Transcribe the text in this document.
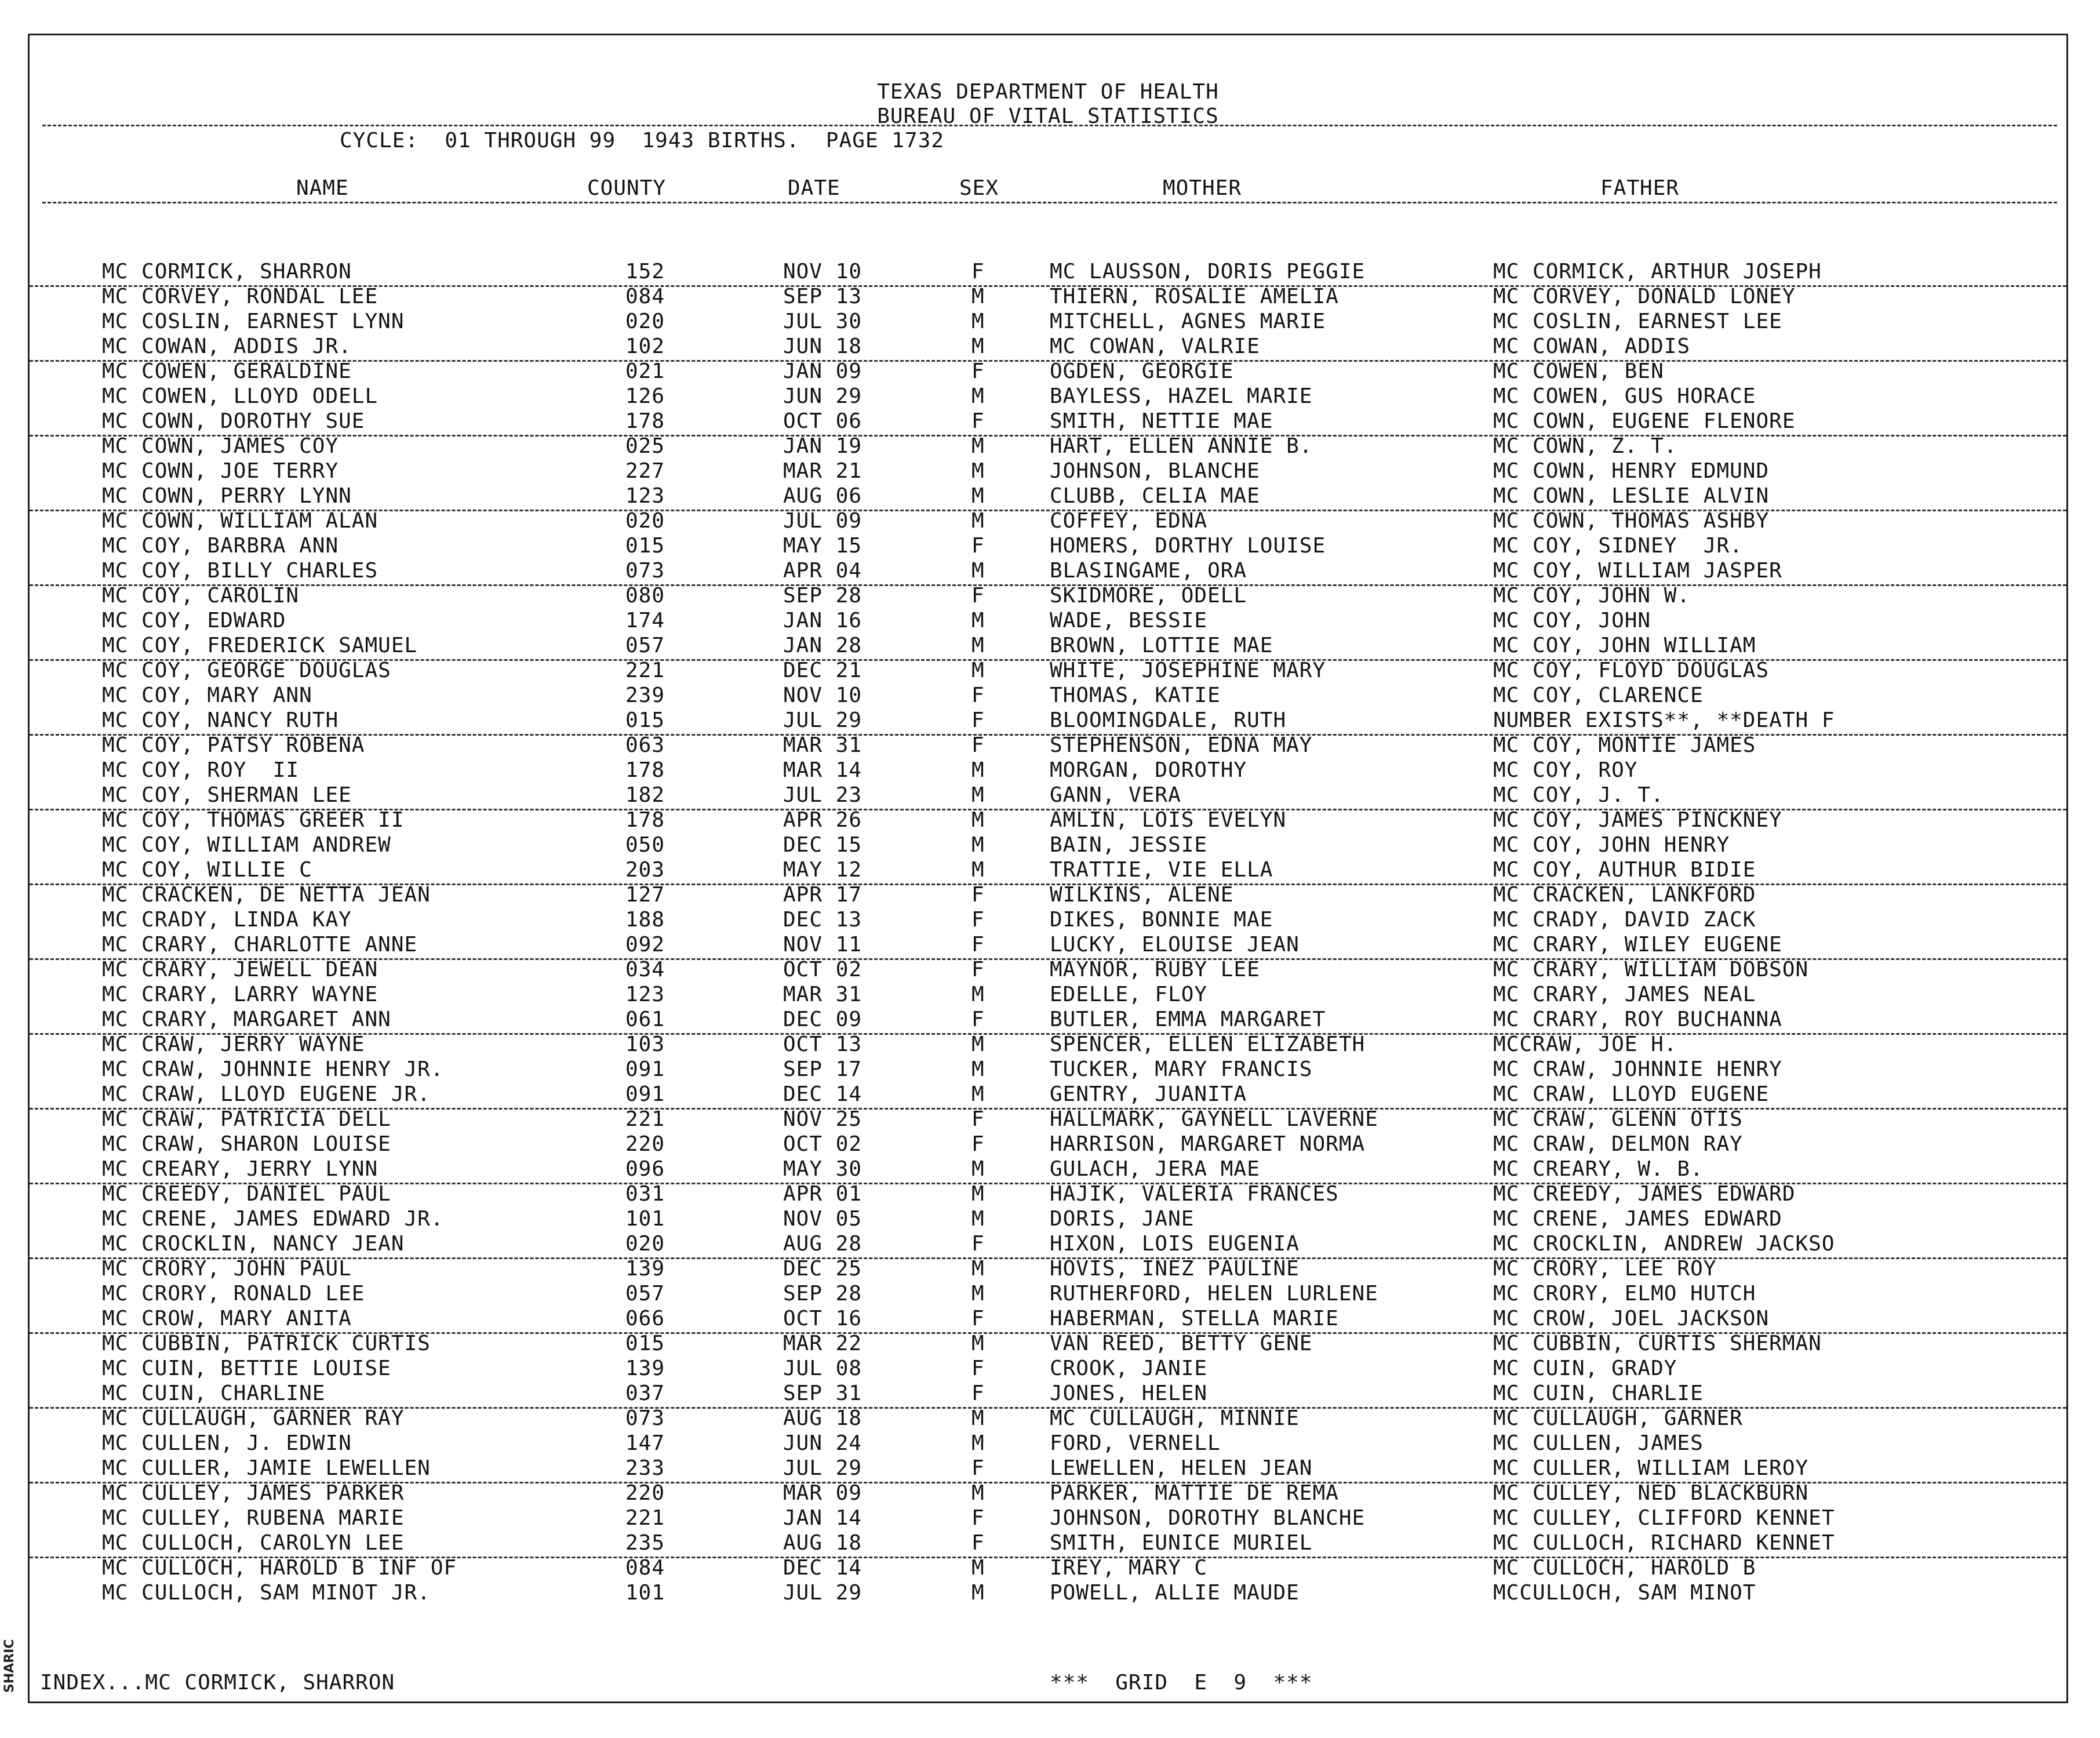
TEXAS DEPARTMENT OF HEALTH
BUREAU OF VITAL STATISTICS
CYCLE:  01 THROUGH 99  1943 BIRTHS.  PAGE 1732
NAME	COUNTY	DATE	SEX	MOTHER	FATHER
MC CORMICK, SHARRON	152	NOV 10	F	MC LAUSSON, DORIS PEGGIE	MC CORMICK, ARTHUR JOSEPH
MC CORVEY, RONDAL LEE	084	SEP 13	M	THIERN, ROSALIE AMELIA	MC CORVEY, DONALD LONEY
MC COSLIN, EARNEST LYNN	020	JUL 30	M	MITCHELL, AGNES MARIE	MC COSLIN, EARNEST LEE
MC COWAN, ADDIS JR.	102	JUN 18	M	MC COWAN, VALRIE	MC COWAN, ADDIS
MC COWEN, GERALDINE	021	JAN 09	F	OGDEN, GEORGIE	MC COWEN, BEN
MC COWEN, LLOYD ODELL	126	JUN 29	M	BAYLESS, HAZEL MARIE	MC COWEN, GUS HORACE
MC COWN, DOROTHY SUE	178	OCT 06	F	SMITH, NETTIE MAE	MC COWN, EUGENE FLENORE
MC COWN, JAMES COY	025	JAN 19	M	HART, ELLEN ANNIE B.	MC COWN, Z. T.
MC COWN, JOE TERRY	227	MAR 21	M	JOHNSON, BLANCHE	MC COWN, HENRY EDMUND
MC COWN, PERRY LYNN	123	AUG 06	M	CLUBB, CELIA MAE	MC COWN, LESLIE ALVIN
MC COWN, WILLIAM ALAN	020	JUL 09	M	COFFEY, EDNA	MC COWN, THOMAS ASHBY
MC COY, BARBRA ANN	015	MAY 15	F	HOMERS, DORTHY LOUISE	MC COY, SIDNEY  JR.
MC COY, BILLY CHARLES	073	APR 04	M	BLASINGAME, ORA	MC COY, WILLIAM JASPER
MC COY, CAROLIN	080	SEP 28	F	SKIDMORE, ODELL	MC COY, JOHN W.
MC COY, EDWARD	174	JAN 16	M	WADE, BESSIE	MC COY, JOHN
MC COY, FREDERICK SAMUEL	057	JAN 28	M	BROWN, LOTTIE MAE	MC COY, JOHN WILLIAM
MC COY, GEORGE DOUGLAS	221	DEC 21	M	WHITE, JOSEPHINE MARY	MC COY, FLOYD DOUGLAS
MC COY, MARY ANN	239	NOV 10	F	THOMAS, KATIE	MC COY, CLARENCE
MC COY, NANCY RUTH	015	JUL 29	F	BLOOMINGDALE, RUTH	NUMBER EXISTS**, **DEATH F
MC COY, PATSY ROBENA	063	MAR 31	F	STEPHENSON, EDNA MAY	MC COY, MONTIE JAMES
MC COY, ROY  II	178	MAR 14	M	MORGAN, DOROTHY	MC COY, ROY
MC COY, SHERMAN LEE	182	JUL 23	M	GANN, VERA	MC COY, J. T.
MC COY, THOMAS GREER II	178	APR 26	M	AMLIN, LOIS EVELYN	MC COY, JAMES PINCKNEY
MC COY, WILLIAM ANDREW	050	DEC 15	M	BAIN, JESSIE	MC COY, JOHN HENRY
MC COY, WILLIE C	203	MAY 12	M	TRATTIE, VIE ELLA	MC COY, AUTHUR BIDIE
MC CRACKEN, DE NETTA JEAN	127	APR 17	F	WILKINS, ALENE	MC CRACKEN, LANKFORD
MC CRADY, LINDA KAY	188	DEC 13	F	DIKES, BONNIE MAE	MC CRADY, DAVID ZACK
MC CRARY, CHARLOTTE ANNE	092	NOV 11	F	LUCKY, ELOUISE JEAN	MC CRARY, WILEY EUGENE
MC CRARY, JEWELL DEAN	034	OCT 02	F	MAYNOR, RUBY LEE	MC CRARY, WILLIAM DOBSON
MC CRARY, LARRY WAYNE	123	MAR 31	M	EDELLE, FLOY	MC CRARY, JAMES NEAL
MC CRARY, MARGARET ANN	061	DEC 09	F	BUTLER, EMMA MARGARET	MC CRARY, ROY BUCHANNA
MC CRAW, JERRY WAYNE	103	OCT 13	M	SPENCER, ELLEN ELIZABETH	MCCRAW, JOE H.
MC CRAW, JOHNNIE HENRY JR.	091	SEP 17	M	TUCKER, MARY FRANCIS	MC CRAW, JOHNNIE HENRY
MC CRAW, LLOYD EUGENE JR.	091	DEC 14	M	GENTRY, JUANITA	MC CRAW, LLOYD EUGENE
MC CRAW, PATRICIA DELL	221	NOV 25	F	HALLMARK, GAYNELL LAVERNE	MC CRAW, GLENN OTIS
MC CRAW, SHARON LOUISE	220	OCT 02	F	HARRISON, MARGARET NORMA	MC CRAW, DELMON RAY
MC CREARY, JERRY LYNN	096	MAY 30	M	GULACH, JERA MAE	MC CREARY, W. B.
MC CREEDY, DANIEL PAUL	031	APR 01	M	HAJIK, VALERIA FRANCES	MC CREEDY, JAMES EDWARD
MC CRENE, JAMES EDWARD JR.	101	NOV 05	M	DORIS, JANE	MC CRENE, JAMES EDWARD
MC CROCKLIN, NANCY JEAN	020	AUG 28	F	HIXON, LOIS EUGENIA	MC CROCKLIN, ANDREW JACKSO
MC CRORY, JOHN PAUL	139	DEC 25	M	HOVIS, INEZ PAULINE	MC CRORY, LEE ROY
MC CRORY, RONALD LEE	057	SEP 28	M	RUTHERFORD, HELEN LURLENE	MC CRORY, ELMO HUTCH
MC CROW, MARY ANITA	066	OCT 16	F	HABERMAN, STELLA MARIE	MC CROW, JOEL JACKSON
MC CUBBIN, PATRICK CURTIS	015	MAR 22	M	VAN REED, BETTY GENE	MC CUBBIN, CURTIS SHERMAN
MC CUIN, BETTIE LOUISE	139	JUL 08	F	CROOK, JANIE	MC CUIN, GRADY
MC CUIN, CHARLINE	037	SEP 31	F	JONES, HELEN	MC CUIN, CHARLIE
MC CULLAUGH, GARNER RAY	073	AUG 18	M	MC CULLAUGH, MINNIE	MC CULLAUGH, GARNER
MC CULLEN, J. EDWIN	147	JUN 24	M	FORD, VERNELL	MC CULLEN, JAMES
MC CULLER, JAMIE LEWELLEN	233	JUL 29	F	LEWELLEN, HELEN JEAN	MC CULLER, WILLIAM LEROY
MC CULLEY, JAMES PARKER	220	MAR 09	M	PARKER, MATTIE DE REMA	MC CULLEY, NED BLACKBURN
MC CULLEY, RUBENA MARIE	221	JAN 14	F	JOHNSON, DOROTHY BLANCHE	MC CULLEY, CLIFFORD KENNET
MC CULLOCH, CAROLYN LEE	235	AUG 18	F	SMITH, EUNICE MURIEL	MC CULLOCH, RICHARD KENNET
MC CULLOCH, HAROLD B INF OF	084	DEC 14	M	IREY, MARY C	MC CULLOCH, HAROLD B
MC CULLOCH, SAM MINOT JR.	101	JUL 29	M	POWELL, ALLIE MAUDE	MCCULLOCH, SAM MINOT
INDEX...MC CORMICK, SHARRON	***  GRID  E  9  ***
SHARIC
